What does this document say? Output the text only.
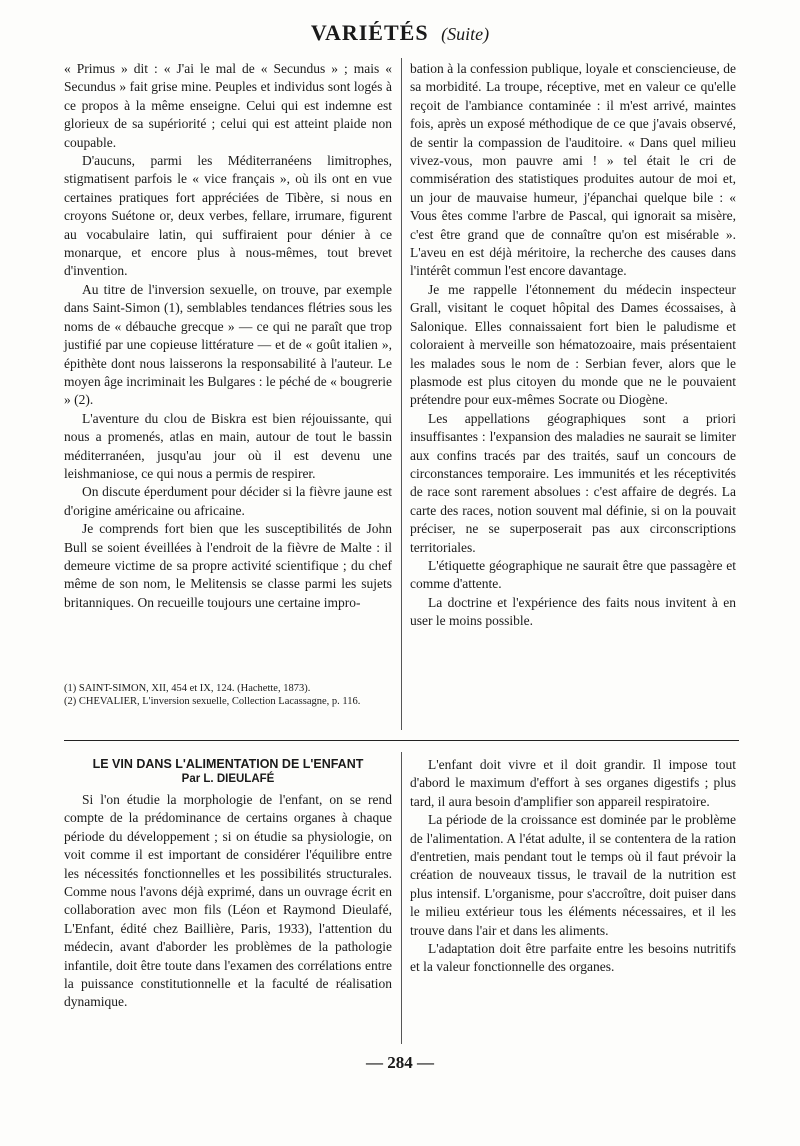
VARIÉTÉS (Suite)

« Primus » dit : « J'ai le mal de « Secundus » ; mais « Secundus » fait grise mine. Peuples et individus sont logés à ce propos à la même enseigne. Celui qui est indemne est glorieux de sa supériorité ; celui qui est atteint plaide non coupable.

D'aucuns, parmi les Méditerranéens limitrophes, stigmatisent parfois le « vice français », où ils ont en vue certaines pratiques fort appréciées de Tibère, si nous en croyons Suétone or, deux verbes, fellare, irrumare, figurent au vocabulaire latin, qui suffiraient pour dénier à ce monarque, et encore plus à nous-mêmes, tout brevet d'invention.

Au titre de l'inversion sexuelle, on trouve, par exemple dans Saint-Simon (1), semblables tendances flétries sous les noms de « débauche grecque » — ce qui ne paraît que trop justifié par une copieuse littérature — et de « goût italien », épithète dont nous laisserons la responsabilité à l'auteur. Le moyen âge incriminait les Bulgares : le péché de « bougrerie » (2).

L'aventure du clou de Biskra est bien réjouissante, qui nous a promenés, atlas en main, autour de tout le bassin méditerranéen, jusqu'au jour où il est devenu une leishmaniose, ce qui nous a permis de respirer.

On discute éperdument pour décider si la fièvre jaune est d'origine américaine ou africaine.

Je comprends fort bien que les susceptibilités de John Bull se soient éveillées à l'endroit de la fièvre de Malte : il demeure victime de sa propre activité scientifique ; du chef même de son nom, le Melitensis se classe parmi les sujets britanniques. On recueille toujours une certaine impro-

(1) SAINT-SIMON, XII, 454 et IX, 124. (Hachette, 1873).

(2) CHEVALIER, L'inversion sexuelle, Collection Lacassagne, p. 116.

bation à la confession publique, loyale et consciencieuse, de sa morbidité. La troupe, réceptive, met en valeur ce qu'elle reçoit de l'ambiance contaminée : il m'est arrivé, maintes fois, après un exposé méthodique de ce que j'avais observé, de sentir la compassion de l'auditoire. « Dans quel milieu vivez-vous, mon pauvre ami ! » tel était le cri de commisération des statistiques produites autour de moi et, un jour de mauvaise humeur, j'épanchai quelque bile : « Vous êtes comme l'arbre de Pascal, qui ignorait sa misère, c'est être grand que de connaître qu'on est misérable ». L'aveu en est déjà méritoire, la recherche des causes dans l'intérêt commun l'est encore davantage.

Je me rappelle l'étonnement du médecin inspecteur Grall, visitant le coquet hôpital des Dames écossaises, à Salonique. Elles connaissaient fort bien le paludisme et coloraient à merveille son hématozoaire, mais présentaient les malades sous le nom de : Serbian fever, alors que le plasmode est plus citoyen du monde que ne le pouvaient prétendre pour eux-mêmes Socrate ou Diogène.

Les appellations géographiques sont a priori insuffisantes : l'expansion des maladies ne saurait se limiter aux confins tracés par des traités, sauf un concours de circonstances temporaire. Les immunités et les réceptivités de race sont rarement absolues : c'est affaire de degrés. La carte des races, notion souvent mal définie, si on la pouvait préciser, ne se superposerait pas aux circonscriptions territoriales.

L'étiquette géographique ne saurait être que passagère et comme d'attente.

La doctrine et l'expérience des faits nous invitent à en user le moins possible.

LE VIN DANS L'ALIMENTATION DE L'ENFANT
Par L. DIEULAFÉ

Si l'on étudie la morphologie de l'enfant, on se rend compte de la prédominance de certains organes à chaque période du développement ; si on étudie sa physiologie, on voit comme il est important de considérer l'équilibre entre les nécessités fonctionnelles et les possibilités structurales. Comme nous l'avons déjà exprimé, dans un ouvrage écrit en collaboration avec mon fils (Léon et Raymond Dieulafé, L'Enfant, édité chez Baillière, Paris, 1933), l'attention du médecin, avant d'aborder les problèmes de la pathologie infantile, doit être toute dans l'examen des corrélations entre la puissance constitutionnelle et la faculté de réalisation dynamique.

L'enfant doit vivre et il doit grandir. Il impose tout d'abord le maximum d'effort à ses organes digestifs ; plus tard, il aura besoin d'amplifier son appareil respiratoire.

La période de la croissance est dominée par le problème de l'alimentation. A l'état adulte, il se contentera de la ration d'entretien, mais pendant tout le temps où il faut prévoir la création de nouveaux tissus, le travail de la nutrition est plus intensif. L'organisme, pour s'accroître, doit puiser dans le milieu extérieur tous les éléments nécessaires, et il les trouve dans l'air et dans les aliments.

L'adaptation doit être parfaite entre les besoins nutritifs et la valeur fonctionnelle des organes.

— 284 —
